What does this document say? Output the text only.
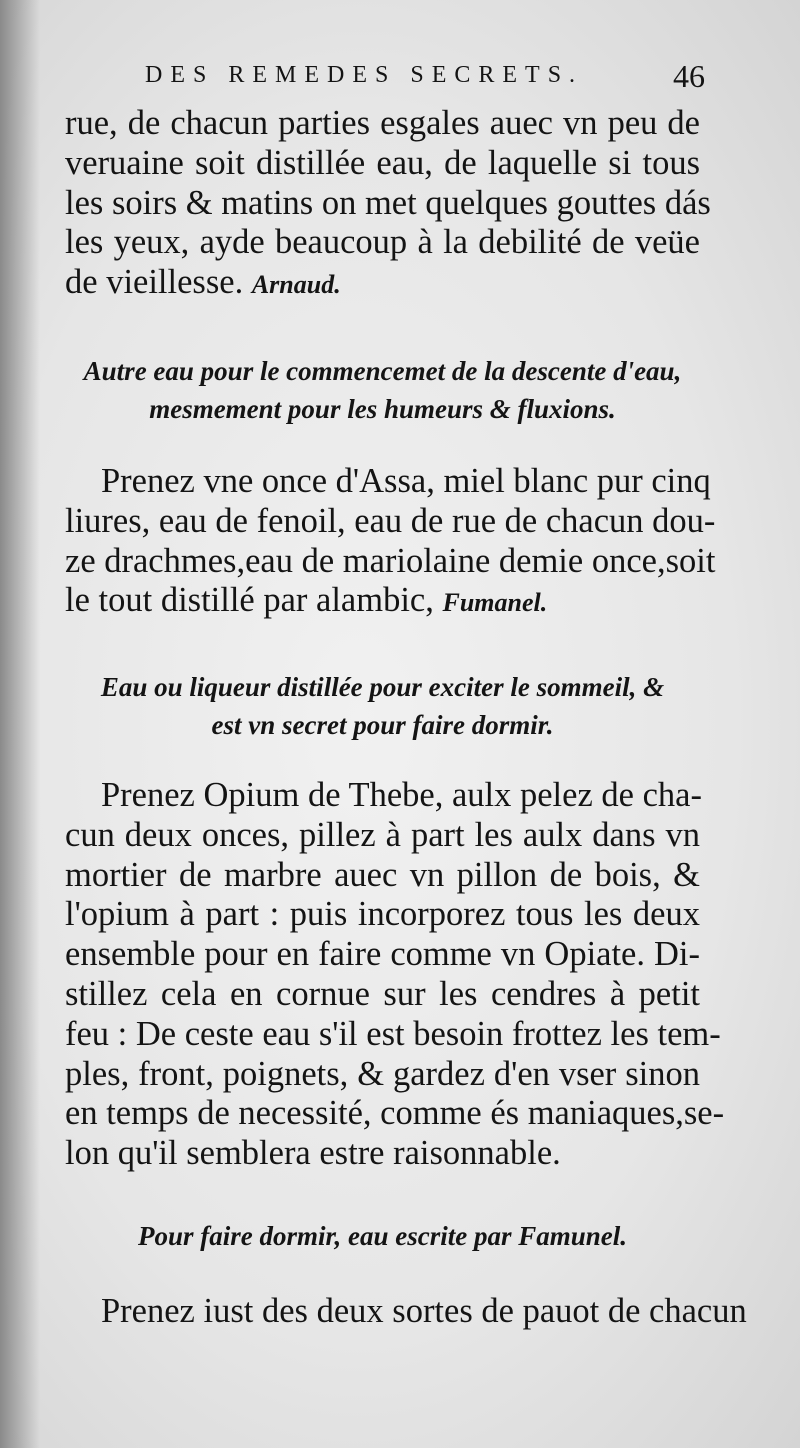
DES REMEDES SECRETS.	46
rue, de chacun parties esgales auec vn peu de
veruaine soit distillée eau, de laquelle si tous
les soirs & matins on met quelques gouttes dás
les yeux, ayde beaucoup à la debilité de veüe
de vieillesse. Arnaud.
Autre eau pour le commencemet de la descente d'eau,
mesmement pour les humeurs & fluxions.
Prenez vne once d'Assa, miel blanc pur cinq
liures, eau de fenoil, eau de rue de chacun dou-
ze drachmes,eau de mariolaine demie once,soit
le tout distillé par alambic, Fumanel.
Eau ou liqueur distillée pour exciter le sommeil, &
est vn secret pour faire dormir.
Prenez Opium de Thebe, aulx pelez de cha-
cun deux onces, pillez à part les aulx dans vn
mortier de marbre auec vn pillon de bois, &
l'opium à part : puis incorporez tous les deux
ensemble pour en faire comme vn Opiate. Di-
stillez cela en cornue sur les cendres à petit
feu : De ceste eau s'il est besoin frottez les tem-
ples, front, poignets, & gardez d'en vser sinon
en temps de necessité, comme és maniaques,se-
lon qu'il semblera estre raisonnable.
Pour faire dormir, eau escrite par Famunel.
Prenez iust des deux sortes de pauot de chacun
